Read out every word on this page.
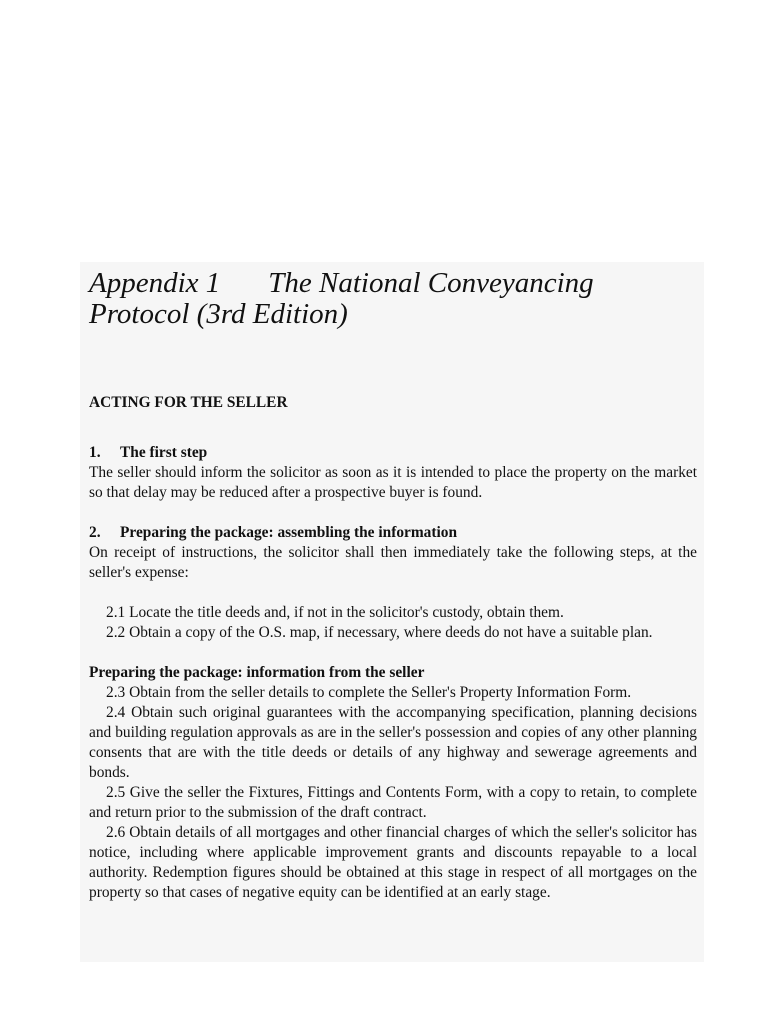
Appendix 1 The National Conveyancing
Protocol (3rd Edition)

ACTING FOR THE SELLER

1. The first step

The seller should inform the solicitor as soon as it is intended to place the property on the market so that delay may be reduced after a prospective buyer is found.

2. Preparing the package: assembling the information

On receipt of instructions, the solicitor shall then immediately take the following steps, at the seller's expense:

2.1 Locate the title deeds and, if not in the solicitor's custody, obtain them.

2.2 Obtain a copy of the O.S. map, if necessary, where deeds do not have a suitable plan.

Preparing the package: information from the seller

2.3 Obtain from the seller details to complete the Seller's Property Information Form.

2.4 Obtain such original guarantees with the accompanying specification, planning decisions and building regulation approvals as are in the seller's possession and copies of any other planning consents that are with the title deeds or details of any highway and sewerage agreements and bonds.

2.5 Give the seller the Fixtures, Fittings and Contents Form, with a copy to retain, to complete and return prior to the submission of the draft contract.

2.6 Obtain details of all mortgages and other financial charges of which the seller's solicitor has notice, including where applicable improvement grants and discounts repayable to a local authority. Redemption figures should be obtained at this stage in respect of all mortgages on the property so that cases of negative equity can be identified at an early stage.
